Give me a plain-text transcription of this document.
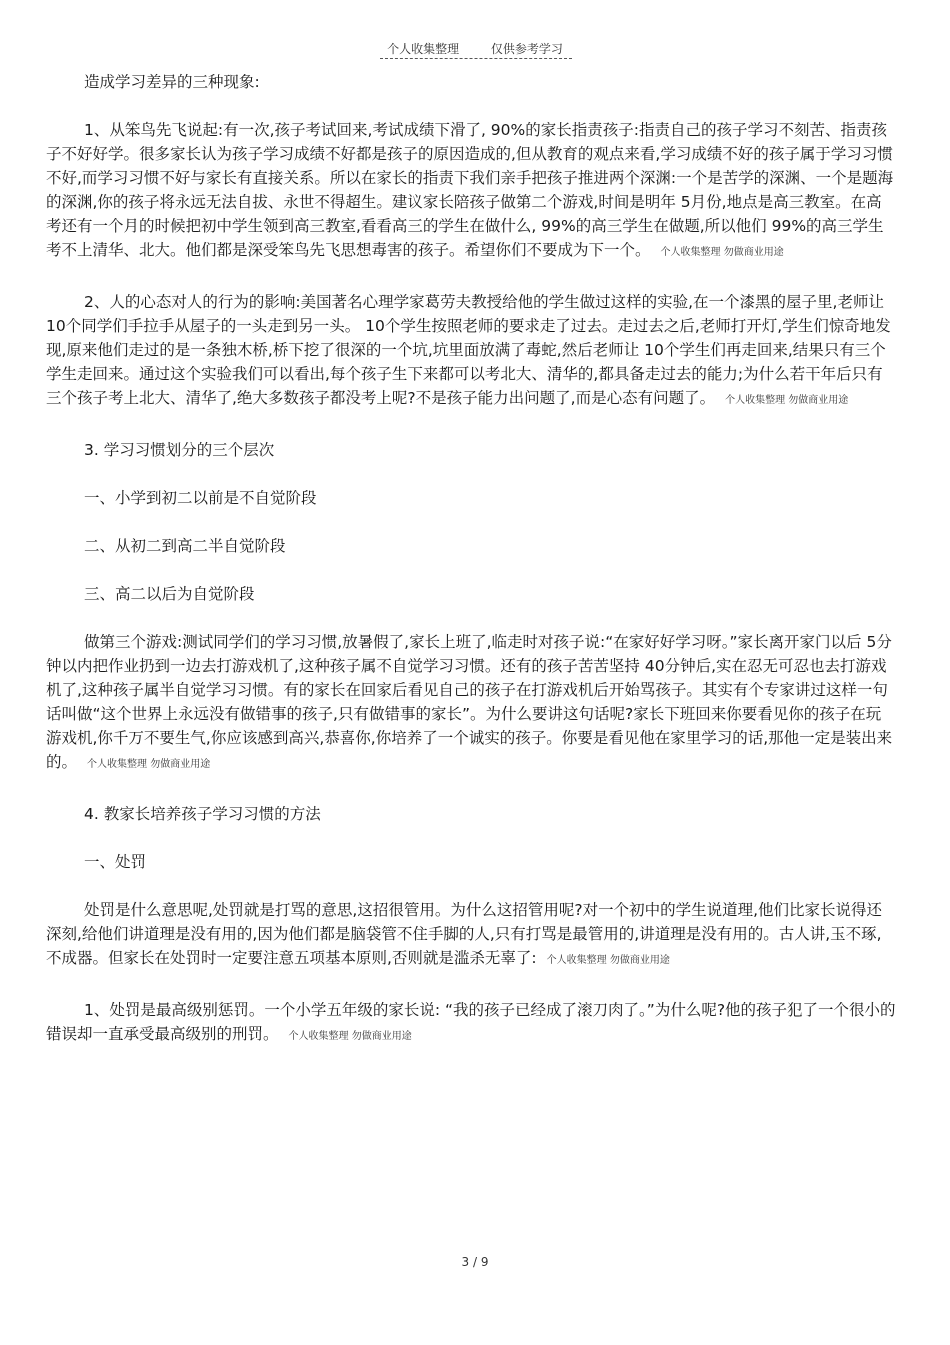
个人收集整理	仅供参考学习

造成学习差异的三种现象:

1、从笨鸟先飞说起:有一次,孩子考试回来,考试成绩下滑了, 90%的家长指责孩子:指责自己的孩子学习不刻苦、指责孩子不好好学。很多家长认为孩子学习成绩不好都是孩子的原因造成的,但从教育的观点来看,学习成绩不好的孩子属于学习习惯不好,而学习习惯不好与家长有直接关系。所以在家长的指责下我们亲手把孩子推进两个深渊:一个是苦学的深渊、一个是题海的深渊,你的孩子将永远无法自拔、永世不得超生。建议家长陪孩子做第二个游戏,时间是明年 5月份,地点是高三教室。在高考还有一个月的时候把初中学生领到高三教室,看看高三的学生在做什么, 99%的高三学生在做题,所以他们 99%的高三学生考不上清华、北大。他们都是深受笨鸟先飞思想毒害的孩子。希望你们不要成为下一个。 个人收集整理 勿做商业用途

2、人的心态对人的行为的影响:美国著名心理学家葛劳夫教授给他的学生做过这样的实验,在一个漆黑的屋子里,老师让 10个同学们手拉手从屋子的一头走到另一头。 10个学生按照老师的要求走了过去。走过去之后,老师打开灯,学生们惊奇地发现,原来他们走过的是一条独木桥,桥下挖了很深的一个坑,坑里面放满了毒蛇,然后老师让 10个学生们再走回来,结果只有三个学生走回来。通过这个实验我们可以看出,每个孩子生下来都可以考北大、清华的,都具备走过去的能力;为什么若干年后只有三个孩子考上北大、清华了,绝大多数孩子都没考上呢?不是孩子能力出问题了,而是心态有问题了。 个人收集整理 勿做商业用途

3. 学习习惯划分的三个层次

一、小学到初二以前是不自觉阶段

二、从初二到高二半自觉阶段

三、高二以后为自觉阶段

做第三个游戏:测试同学们的学习习惯,放暑假了,家长上班了,临走时对孩子说:“在家好好学习呀。”家长离开家门以后 5分钟以内把作业扔到一边去打游戏机了,这种孩子属不自觉学习习惯。还有的孩子苦苦坚持 40分钟后,实在忍无可忍也去打游戏机了,这种孩子属半自觉学习习惯。有的家长在回家后看见自己的孩子在打游戏机后开始骂孩子。其实有个专家讲过这样一句话叫做“这个世界上永远没有做错事的孩子,只有做错事的家长”。为什么要讲这句话呢?家长下班回来你要看见你的孩子在玩游戏机,你千万不要生气,你应该感到高兴,恭喜你,你培养了一个诚实的孩子。你要是看见他在家里学习的话,那他一定是装出来的。 个人收集整理 勿做商业用途

4. 教家长培养孩子学习习惯的方法

一、处罚

处罚是什么意思呢,处罚就是打骂的意思,这招很管用。为什么这招管用呢?对一个初中的学生说道理,他们比家长说得还深刻,给他们讲道理是没有用的,因为他们都是脑袋管不住手脚的人,只有打骂是最管用的,讲道理是没有用的。古人讲,玉不琢,不成器。但家长在处罚时一定要注意五项基本原则,否则就是滥杀无辜了: 个人收集整理 勿做商业用途

1、处罚是最高级别惩罚。一个小学五年级的家长说: “我的孩子已经成了滚刀肉了。”为什么呢?他的孩子犯了一个很小的错误却一直承受最高级别的刑罚。 个人收集整理 勿做商业用途

3 / 9
